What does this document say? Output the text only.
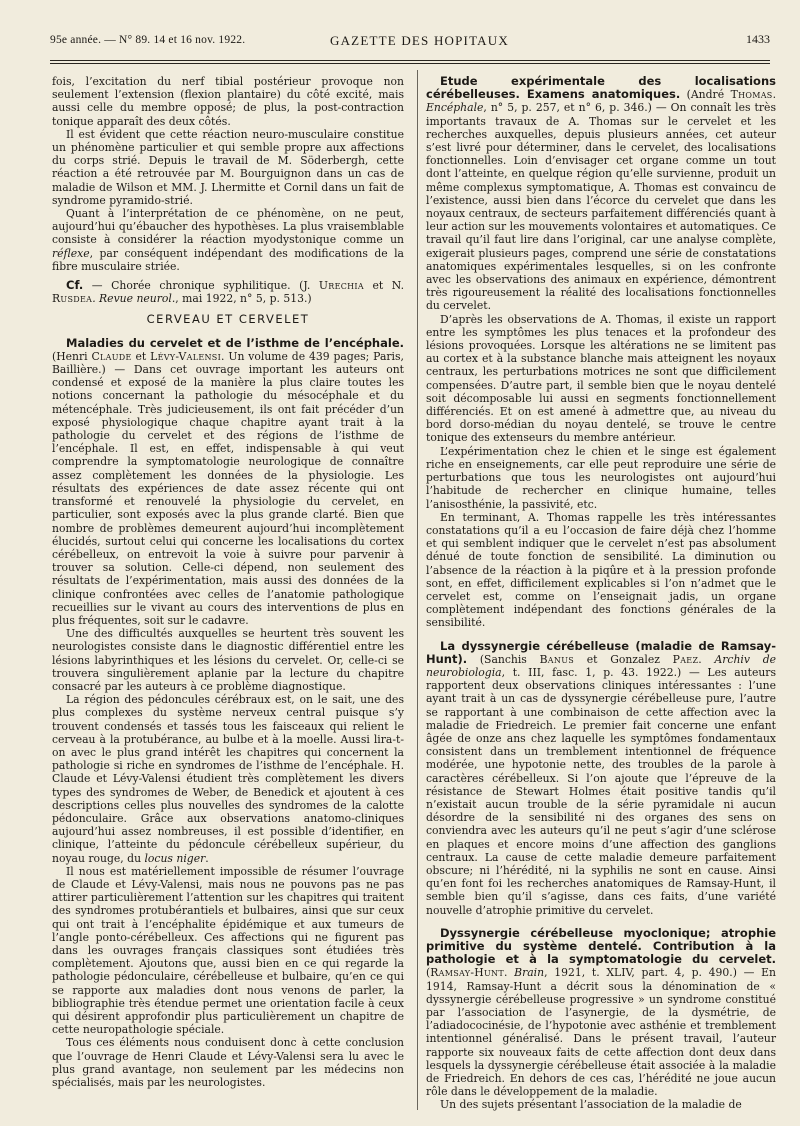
95e année. — N° 89. 14 et 16 nov. 1922.	GAZETTE DES HOPITAUX	1433

fois, l’excitation du nerf tibial postérieur provoque non seulement l’extension (flexion plantaire) du côté excité, mais aussi celle du membre opposé; de plus, la post-contraction tonique apparaît des deux côtés.

Il est évident que cette réaction neuro-musculaire constitue un phénomène particulier et qui semble propre aux affections du corps strié. Depuis le travail de M. Söderbergh, cette réaction a été retrouvée par M. Bourguignon dans un cas de maladie de Wilson et MM. J. Lhermitte et Cornil dans un fait de syndrome pyramido-strié.

Quant à l’interprétation de ce phénomène, on ne peut, aujourd’hui qu’ébaucher des hypothèses. La plus vraisemblable consiste à considérer la réaction myodystonique comme un réflexe, par conséquent indépendant des modifications de la fibre musculaire striée.

Cf. — Chorée chronique syphilitique. (J. Urechia et N. Rusdea. Revue neurol., mai 1922, n° 5, p. 513.)

CERVEAU ET CERVELET

Maladies du cervelet et de l’isthme de l’encéphale. (Henri Claude et Lévy-Valensi. Un volume de 439 pages; Paris, Baillière.) — Dans cet ouvrage important les auteurs ont condensé et exposé de la manière la plus claire toutes les notions concernant la pathologie du mésocéphale et du métencéphale. Très judicieusement, ils ont fait précéder d’un exposé physiologique chaque chapitre ayant trait à la pathologie du cervelet et des régions de l’isthme de l’encéphale. Il est, en effet, indispensable à qui veut comprendre la symptomatologie neurologique de connaître assez complètement les données de la physiologie. Les résultats des expériences de date assez récente qui ont transformé et renouvelé la physiologie du cervelet, en particulier, sont exposés avec la plus grande clarté. Bien que nombre de problèmes demeurent aujourd’hui incomplètement élucidés, surtout celui qui concerne les localisations du cortex cérébelleux, on entrevoit la voie à suivre pour parvenir à trouver sa solution. Celle-ci dépend, non seulement des résultats de l’expérimentation, mais aussi des données de la clinique confrontées avec celles de l’anatomie pathologique recueillies sur le vivant au cours des interventions de plus en plus fréquentes, soit sur le cadavre.

Une des difficultés auxquelles se heurtent très souvent les neurologistes consiste dans le diagnostic différentiel entre les lésions labyrinthiques et les lésions du cervelet. Or, celle-ci se trouvera singulièrement aplanie par la lecture du chapitre consacré par les auteurs à ce problème diagnostique.

La région des pédoncules cérébraux est, on le sait, une des plus complexes du système nerveux central puisque s’y trouvent condensés et tassés tous les faisceaux qui relient le cerveau à la protubérance, au bulbe et à la moelle. Aussi lira-t-on avec le plus grand intérêt les chapitres qui concernent la pathologie si riche en syndromes de l’isthme de l’encéphale. H. Claude et Lévy-Valensi étudient très complètement les divers types des syndromes de Weber, de Benedick et ajoutent à ces descriptions celles plus nouvelles des syndromes de la calotte pédonculaire. Grâce aux observations anatomo-cliniques aujourd’hui assez nombreuses, il est possible d’identifier, en clinique, l’atteinte du pédoncule cérébelleux supérieur, du noyau rouge, du locus niger.

Il nous est matériellement impossible de résumer l’ouvrage de Claude et Lévy-Valensi, mais nous ne pouvons pas ne pas attirer particulièrement l’attention sur les chapitres qui traitent des syndromes protubérantiels et bulbaires, ainsi que sur ceux qui ont trait à l’encéphalite épidémique et aux tumeurs de l’angle ponto-cérébelleux. Ces affections qui ne figurent pas dans les ouvrages français classiques sont étudiées très complètement. Ajoutons que, aussi bien en ce qui regarde la pathologie pédonculaire, cérébelleuse et bulbaire, qu’en ce qui se rapporte aux maladies dont nous venons de parler, la bibliographie très étendue permet une orientation facile à ceux qui désirent approfondir plus particulièrement un chapitre de cette neuropathologie spéciale.

Tous ces éléments nous conduisent donc à cette conclusion que l’ouvrage de Henri Claude et Lévy-Valensi sera lu avec le plus grand avantage, non seulement par les médecins non spécialisés, mais par les neurologistes.

Etude expérimentale des localisations cérébelleuses. Examens anatomiques. (André Thomas. Encéphale, n° 5, p. 257, et n° 6, p. 346.) — On connaît les très importants travaux de A. Thomas sur le cervelet et les recherches auxquelles, depuis plusieurs années, cet auteur s’est livré pour déterminer, dans le cervelet, des localisations fonctionnelles. Loin d’envisager cet organe comme un tout dont l’atteinte, en quelque région qu’elle survienne, produit un même complexus symptomatique, A. Thomas est convaincu de l’existence, aussi bien dans l’écorce du cervelet que dans les noyaux centraux, de secteurs parfaitement différenciés quant à leur action sur les mouvements volontaires et automatiques. Ce travail qu’il faut lire dans l’original, car une analyse complète, exigerait plusieurs pages, comprend une série de constatations anatomiques expérimentales lesquelles, si on les confronte avec les observations des animaux en expérience, démontrent très rigoureusement la réalité des localisations fonctionnelles du cervelet.

D’après les observations de A. Thomas, il existe un rapport entre les symptômes les plus tenaces et la profondeur des lésions provoquées. Lorsque les altérations ne se limitent pas au cortex et à la substance blanche mais atteignent les noyaux centraux, les perturbations motrices ne sont que difficilement compensées. D’autre part, il semble bien que le noyau dentelé soit décomposable lui aussi en segments fonctionnellement différenciés. Et on est amené à admettre que, au niveau du bord dorso-médian du noyau dentelé, se trouve le centre tonique des extenseurs du membre antérieur.

L’expérimentation chez le chien et le singe est également riche en enseignements, car elle peut reproduire une série de perturbations que tous les neurologistes ont aujourd’hui l’habitude de rechercher en clinique humaine, telles l’anisosthénie, la passivité, etc.

En terminant, A. Thomas rappelle les très intéressantes constatations qu’il a eu l’occasion de faire déjà chez l’homme et qui semblent indiquer que le cervelet n’est pas absolument dénué de toute fonction de sensibilité. La diminution ou l’absence de la réaction à la piqûre et à la pression profonde sont, en effet, difficilement explicables si l’on n’admet que le cervelet est, comme on l’enseignait jadis, un organe complètement indépendant des fonctions générales de la sensibilité.

La dyssynergie cérébelleuse (maladie de Ramsay-Hunt). (Sanchis Banus et Gonzalez Paez. Archiv de neurobiologia, t. III, fasc. 1, p. 43. 1922.) — Les auteurs rapportent deux observations cliniques intéressantes : l’une ayant trait à un cas de dyssynergie cérébelleuse pure, l’autre se rapportant à une combinaison de cette affection avec la maladie de Friedreich. Le premier fait concerne une enfant âgée de onze ans chez laquelle les symptômes fondamentaux consistent dans un tremblement intentionnel de fréquence modérée, une hypotonie nette, des troubles de la parole à caractères cérébelleux. Si l’on ajoute que l’épreuve de la résistance de Stewart Holmes était positive tandis qu’il n’existait aucun trouble de la série pyramidale ni aucun désordre de la sensibilité ni des organes des sens on conviendra avec les auteurs qu’il ne peut s’agir d’une sclérose en plaques et encore moins d’une affection des ganglions centraux. La cause de cette maladie demeure parfaitement obscure; ni l’hérédité, ni la syphilis ne sont en cause. Ainsi qu’en font foi les recherches anatomiques de Ramsay-Hunt, il semble bien qu’il s’agisse, dans ces faits, d’une variété nouvelle d’atrophie primitive du cervelet.

Dyssynergie cérébelleuse myoclonique; atrophie primitive du système dentelé. Contribution à la pathologie et à la symptomatologie du cervelet. (Ramsay-Hunt. Brain, 1921, t. XLIV, part. 4, p. 490.) — En 1914, Ramsay-Hunt a décrit sous la dénomination de « dyssynergie cérébelleuse progressive » un syndrome constitué par l’association de l’asynergie, de la dysmétrie, de l’adiadococinésie, de l’hypotonie avec asthénie et tremblement intentionnel généralisé. Dans le présent travail, l’auteur rapporte six nouveaux faits de cette affection dont deux dans lesquels la dyssynergie cérébelleuse était associée à la maladie de Friedreich. En dehors de ces cas, l’hérédité ne joue aucun rôle dans le développement de la maladie.

Un des sujets présentant l’association de la maladie de
